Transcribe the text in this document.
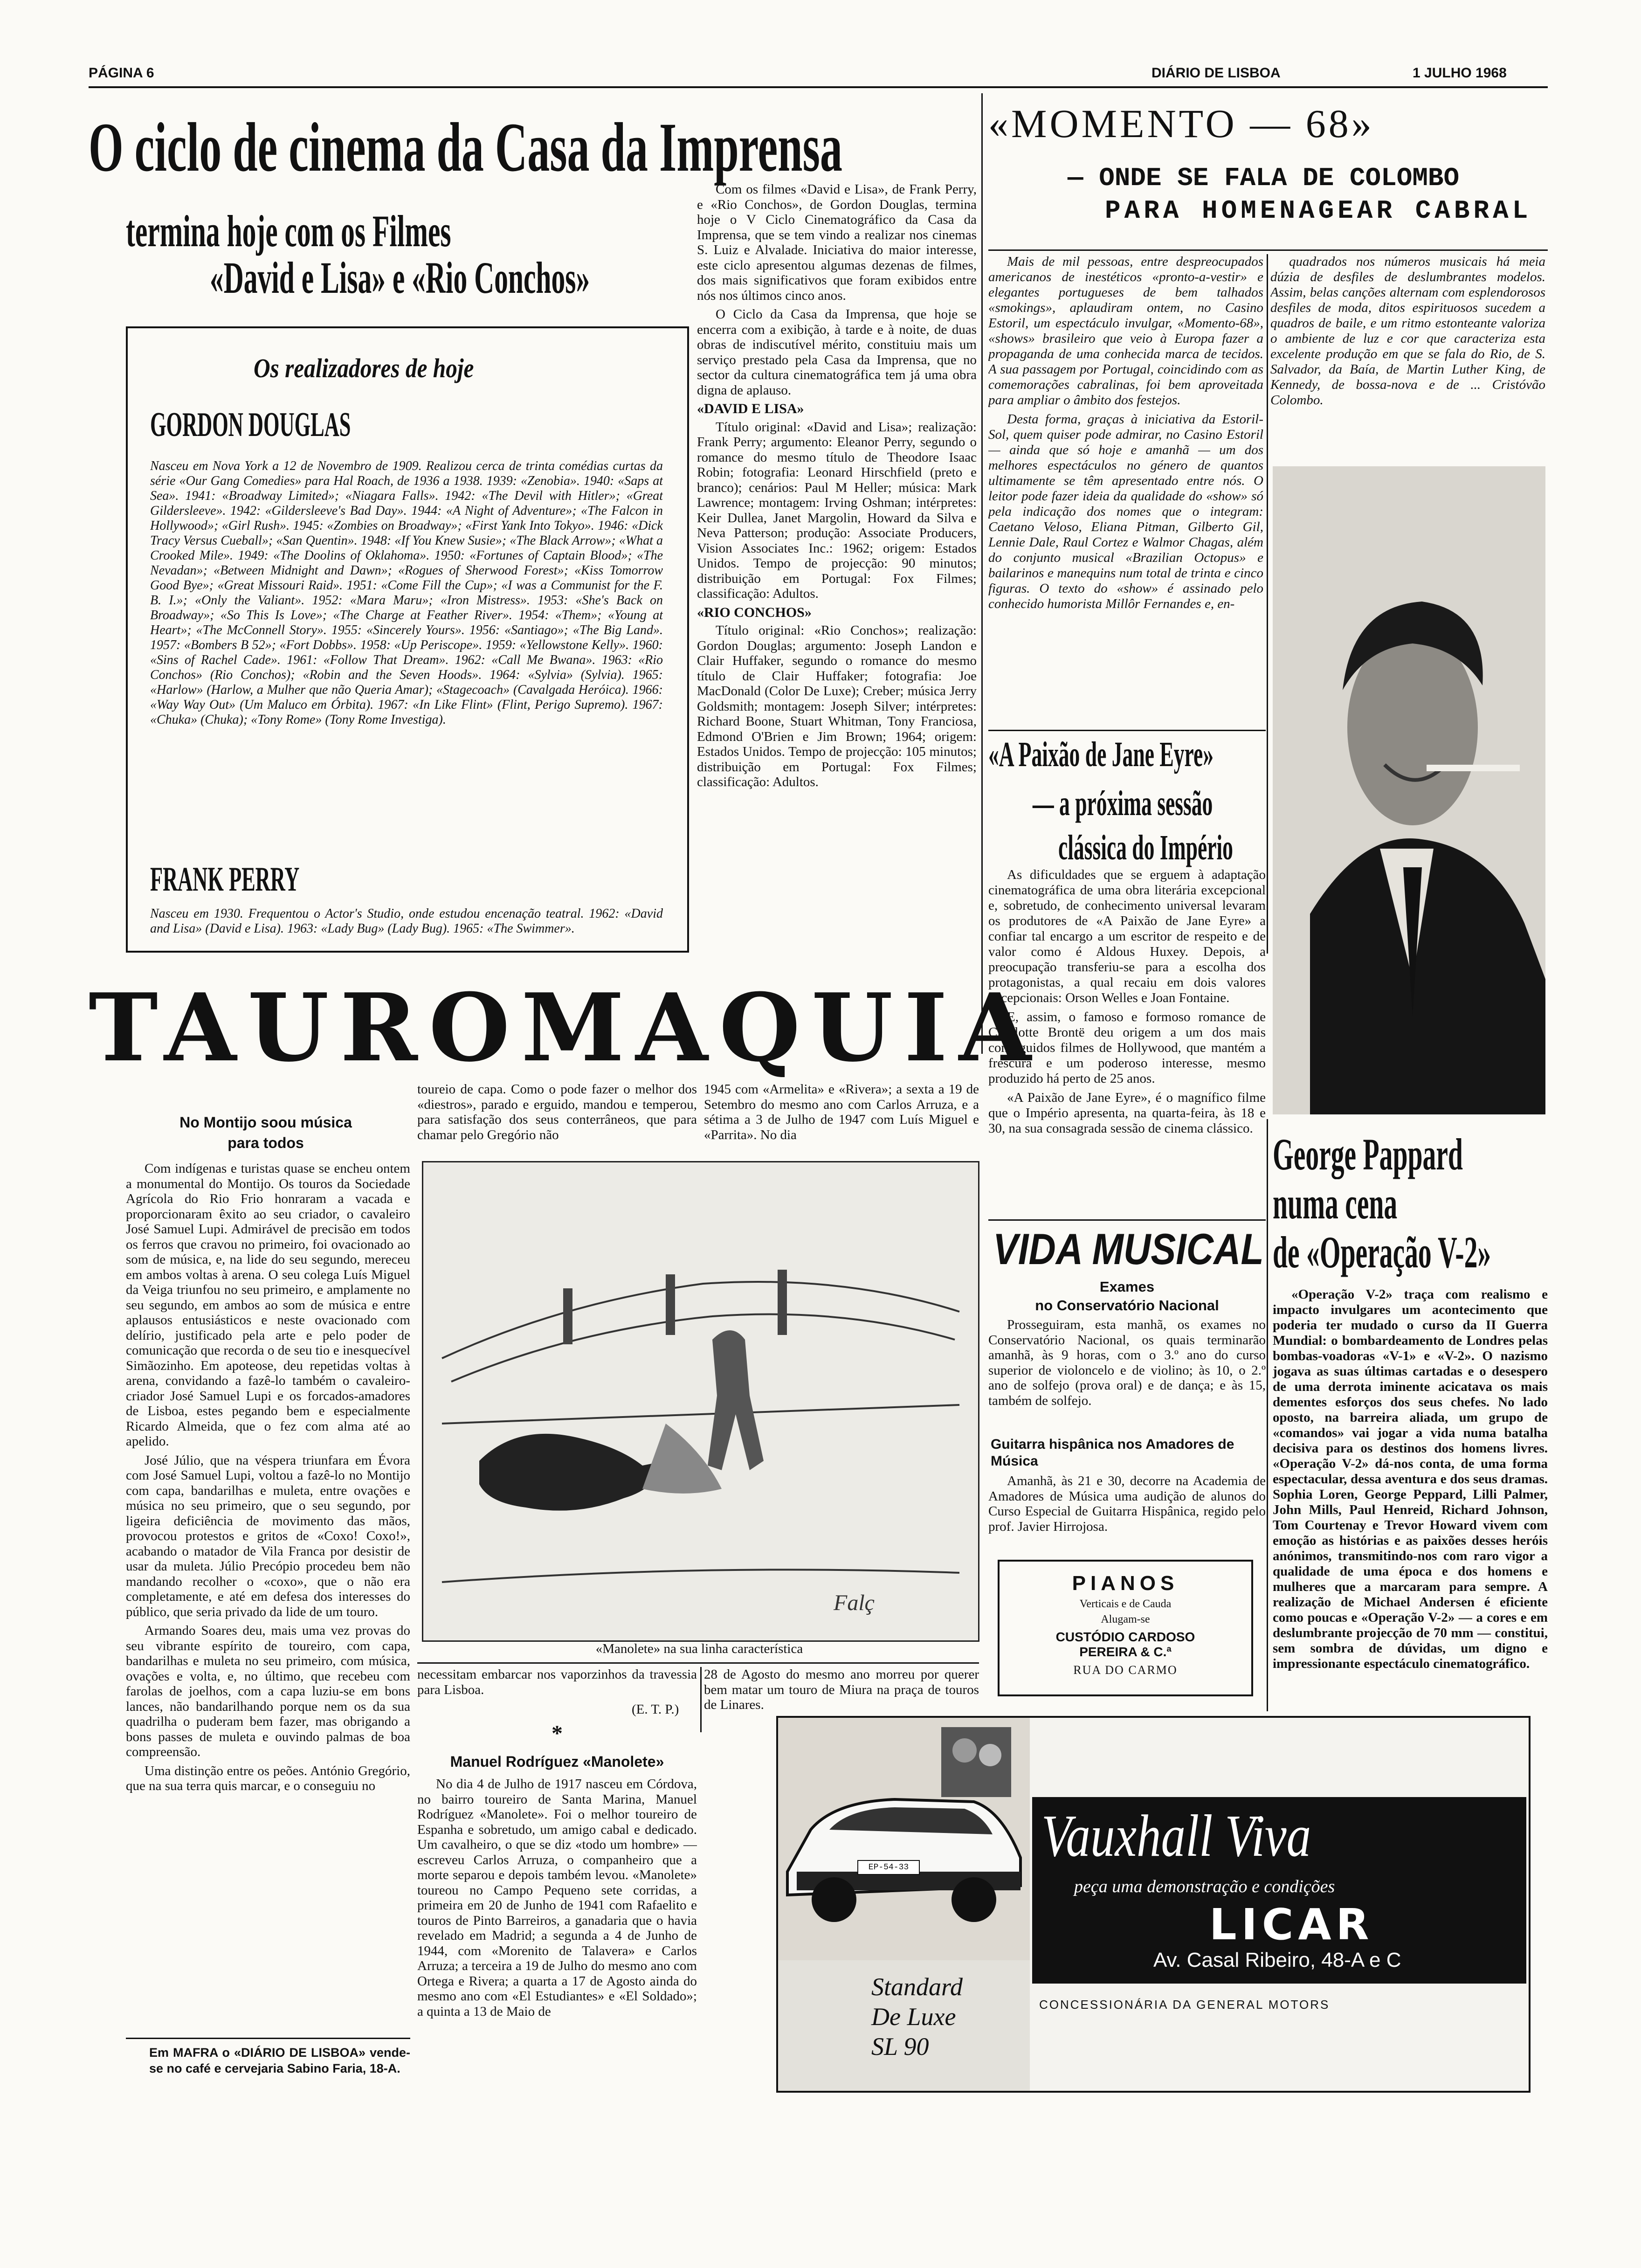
PÁGINA 6	DIÁRIO DE LISBOA	1 JULHO 1968
O ciclo de cinema da Casa da Imprensa
termina hoje com os Filmes
«David e Lisa» e «Rio Conchos»
Os realizadores de hoje
GORDON DOUGLAS
Nasceu em Nova York a 12 de Novembro de 1909. Realizou cerca de trinta comédias curtas da série «Our Gang Comedies» para Hal Roach, de 1936 a 1938. 1939: «Zenobia». 1940: «Saps at Sea». 1941: «Broadway Limited»; «Niagara Falls». 1942: «The Devil with Hitler»; «Great Gildersleeve». 1942: «Gildersleeve's Bad Day». 1944: «A Night of Adventure»; «The Falcon in Hollywood»; «Girl Rush». 1945: «Zombies on Broadway»; «First Yank Into Tokyo». 1946: «Dick Tracy Versus Cueball»; «San Quentin». 1948: «If You Knew Susie»; «The Black Arrow»; «What a Crooked Mile». 1949: «The Doolins of Oklahoma». 1950: «Fortunes of Captain Blood»; «The Nevadan»; «Between Midnight and Dawn»; «Rogues of Sherwood Forest»; «Kiss Tomorrow Good Bye»; «Great Missouri Raid». 1951: «Come Fill the Cup»; «I was a Communist for the F. B. I.»; «Only the Valiant». 1952: «Mara Maru»; «Iron Mistress». 1953: «She's Back on Broadway»; «So This Is Love»; «The Charge at Feather River». 1954: «Them»; «Young at Heart»; «The McConnell Story». 1955: «Sincerely Yours». 1956: «Santiago»; «The Big Land». 1957: «Bombers B 52»; «Fort Dobbs». 1958: «Up Periscope». 1959: «Yellowstone Kelly». 1960: «Sins of Rachel Cade». 1961: «Follow That Dream». 1962: «Call Me Bwana». 1963: «Rio Conchos» (Rio Conchos); «Robin and the Seven Hoods». 1964: «Sylvia» (Sylvia). 1965: «Harlow» (Harlow, a Mulher que não Queria Amar); «Stagecoach» (Cavalgada Heróica). 1966: «Way Way Out» (Um Maluco em Órbita). 1967: «In Like Flint» (Flint, Perigo Supremo). 1967: «Chuka» (Chuka); «Tony Rome» (Tony Rome Investiga).
FRANK PERRY
Nasceu em 1930. Frequentou o Actor's Studio, onde estudou encenação teatral. 1962: «David and Lisa» (David e Lisa). 1963: «Lady Bug» (Lady Bug). 1965: «The Swimmer».

Com os filmes «David e Lisa», de Frank Perry, e «Rio Conchos», de Gordon Douglas, termina hoje o V Ciclo Cinematográfico da Casa da Imprensa, que se tem vindo a realizar nos cinemas S. Luiz e Alvalade. Iniciativa do maior interesse, este ciclo apresentou algumas dezenas de filmes, dos mais significativos que foram exibidos entre nós nos últimos cinco anos.

O Ciclo da Casa da Imprensa, que hoje se encerra com a exibição, à tarde e à noite, de duas obras de indiscutível mérito, constituiu mais um serviço prestado pela Casa da Imprensa, que no sector da cultura cinematográfica tem já uma obra digna de aplauso.

«DAVID E LISA»

Título original: «David and Lisa»; realização: Frank Perry; argumento: Eleanor Perry, segundo o romance do mesmo título de Theodore Isaac Robin; fotografia: Leonard Hirschfield (preto e branco); cenários: Paul M Heller; música: Mark Lawrence; montagem: Irving Oshman; intérpretes: Keir Dullea, Janet Margolin, Howard da Silva e Neva Patterson; produção: Associate Producers, Vision Associates Inc.: 1962; origem: Estados Unidos. Tempo de projecção: 90 minutos; distribuição em Portugal: Fox Filmes; classificação: Adultos.

«RIO CONCHOS»

Título original: «Rio Conchos»; realização: Gordon Douglas; argumento: Joseph Landon e Clair Huffaker, segundo o romance do mesmo título de Clair Huffaker; fotografia: Joe MacDonald (Color De Luxe); Creber; música Jerry Goldsmith; montagem: Joseph Silver; intérpretes: Richard Boone, Stuart Whitman, Tony Franciosa, Edmond O'Brien e Jim Brown; 1964; origem: Estados Unidos. Tempo de projecção: 105 minutos; distribuição em Portugal: Fox Filmes; classificação: Adultos.

«MOMENTO — 68»
— ONDE SE FALA DE COLOMBO
PARA HOMENAGEAR CABRAL

Mais de mil pessoas, entre despreocupados americanos de inestéticos «pronto-a-vestir» e elegantes portugueses de bem talhados «smokings», aplaudiram ontem, no Casino Estoril, um espectáculo invulgar, «Momento-68», «shows» brasileiro que veio à Europa fazer a propaganda de uma conhecida marca de tecidos. A sua passagem por Portugal, coincidindo com as comemorações cabralinas, foi bem aproveitada para ampliar o âmbito dos festejos.

Desta forma, graças à iniciativa da Estoril-Sol, quem quiser pode admirar, no Casino Estoril — ainda que só hoje e amanhã — um dos melhores espectáculos no género de quantos ultimamente se têm apresentado entre nós. O leitor pode fazer ideia da qualidade do «show» só pela indicação dos nomes que o integram: Caetano Veloso, Eliana Pitman, Gilberto Gil, Lennie Dale, Raul Cortez e Walmor Chagas, além do conjunto musical «Brazilian Octopus» e bailarinos e manequins num total de trinta e cinco figuras. O texto do «show» é assinado pelo conhecido humorista Millôr Fernandes e, en-

quadrados nos números musicais há meia dúzia de desfiles de deslumbrantes modelos. Assim, belas canções alternam com esplendorosos desfiles de moda, ditos espirituosos sucedem a quadros de baile, e um ritmo estonteante valoriza o ambiente de luz e cor que caracteriza esta excelente produção em que se fala do Rio, de S. Salvador, da Baía, de Martin Luther King, de Kennedy, de bossa-nova e de ... Cristóvão Colombo.

«A Paixão de Jane Eyre»
— a próxima sessão
clássica do Império

As dificuldades que se erguem à adaptação cinematográfica de uma obra literária excepcional e, sobretudo, de conhecimento universal levaram os produtores de «A Paixão de Jane Eyre» a confiar tal encargo a um escritor de respeito e de valor como é Aldous Huxey. Depois, a preocupação transferiu-se para a escolha dos protagonistas, a qual recaiu em dois valores excepcionais: Orson Welles e Joan Fontaine.

E, assim, o famoso e formoso romance de Charlotte Brontë deu origem a um dos mais conseguidos filmes de Hollywood, que mantém a frescura e um poderoso interesse, mesmo produzido há perto de 25 anos.

«A Paixão de Jane Eyre», é o magnífico filme que o Império apresenta, na quarta-feira, às 18 e 30, na sua consagrada sessão de cinema clássico.

George Pappard
numa cena
de «Operação V-2»

«Operação V-2» traça com realismo e impacto invulgares um acontecimento que poderia ter mudado o curso da II Guerra Mundial: o bombardeamento de Londres pelas bombas-voadoras «V-1» e «V-2». O nazismo jogava as suas últimas cartadas e o desespero de uma derrota iminente acicatava os mais dementes esforços dos seus chefes. No lado oposto, na barreira aliada, um grupo de «comandos» vai jogar a vida numa batalha decisiva para os destinos dos homens livres. «Operação V-2» dá-nos conta, de uma forma espectacular, dessa aventura e dos seus dramas. Sophia Loren, George Peppard, Lilli Palmer, John Mills, Paul Henreid, Richard Johnson, Tom Courtenay e Trevor Howard vivem com emoção as histórias e as paixões desses heróis anónimos, transmitindo-nos com raro vigor a qualidade de uma época e dos homens e mulheres que a marcaram para sempre. A realização de Michael Andersen é eficiente como poucas e «Operação V-2» — a cores e em deslumbrante projecção de 70 mm — constitui, sem sombra de dúvidas, um digno e impressionante espectáculo cinematográfico.

TAUROMAQUIA
No Montijo soou música
para todos

Com indígenas e turistas quase se encheu ontem a monumental do Montijo. Os touros da Sociedade Agrícola do Rio Frio honraram a vacada e proporcionaram êxito ao seu criador, o cavaleiro José Samuel Lupi. Admirável de precisão em todos os ferros que cravou no primeiro, foi ovacionado ao som de música, e, na lide do seu segundo, mereceu em ambos voltas à arena. O seu colega Luís Miguel da Veiga triunfou no seu primeiro, e amplamente no seu segundo, em ambos ao som de música e entre aplausos entusiásticos e neste ovacionado com delírio, justificado pela arte e pelo poder de comunicação que recorda o de seu tio e inesquecível Simãozinho. Em apoteose, deu repetidas voltas à arena, convidando a fazê-lo também o cavaleiro-criador José Samuel Lupi e os forcados-amadores de Lisboa, estes pegando bem e especialmente Ricardo Almeida, que o fez com alma até ao apelido.

José Júlio, que na véspera triunfara em Évora com José Samuel Lupi, voltou a fazê-lo no Montijo com capa, bandarilhas e muleta, entre ovações e música no seu primeiro, que o seu segundo, por ligeira deficiência de movimento das mãos, provocou protestos e gritos de «Coxo! Coxo!», acabando o matador de Vila Franca por desistir de usar da muleta. Júlio Precópio procedeu bem não mandando recolher o «coxo», que o não era completamente, e até em defesa dos interesses do público, que seria privado da lide de um touro.

Armando Soares deu, mais uma vez provas do seu vibrante espírito de toureiro, com capa, bandarilhas e muleta no seu primeiro, com música, ovações e volta, e, no último, que recebeu com farolas de joelhos, com a capa luziu-se em bons lances, não bandarilhando porque nem os da sua quadrilha o puderam bem fazer, mas obrigando a bons passes de muleta e ouvindo palmas de boa compreensão.

Uma distinção entre os peões. António Gregório, que na sua terra quis marcar, e o conseguiu no

Em MAFRA o «DIÁRIO DE LISBOA» vende-se no café e cervejaria Sabino Faria, 18-A.
toureio de capa. Como o pode fazer o melhor dos «diestros», parado e erguido, mandou e temperou, para satisfação dos seus conterrâneos, que para chamar pelo Gregório não
1945 com «Armelita» e «Rivera»; a sexta a 19 de Setembro do mesmo ano com Carlos Arruza, e a sétima a 3 de Julho de 1947 com Luís Miguel e «Parrita». No dia
Falç
«Manolete» na sua linha característica
necessitam embarcar nos vaporzinhos da travessia para Lisboa.
(E. T. P.)
*
Manuel Rodríguez «Manolete»

No dia 4 de Julho de 1917 nasceu em Córdova, no bairro toureiro de Santa Marina, Manuel Rodríguez «Manolete». Foi o melhor toureiro de Espanha e sobretudo, um amigo cabal e dedicado. Um cavalheiro, o que se diz «todo um hombre» — escreveu Carlos Arruza, o companheiro que a morte separou e depois também levou. «Manolete» toureou no Campo Pequeno sete corridas, a primeira em 20 de Junho de 1941 com Rafaelito e touros de Pinto Barreiros, a ganadaria que o havia revelado em Madrid; a segunda a 4 de Junho de 1944, com «Morenito de Talavera» e Carlos Arruza; a terceira a 19 de Julho do mesmo ano com Ortega e Rivera; a quarta a 17 de Agosto ainda do mesmo ano com «El Estudiantes» e «El Soldado»; a quinta a 13 de Maio de

28 de Agosto do mesmo ano morreu por querer bem matar um touro de Miura na praça de touros de Linares.
VIDA MUSICAL
Exames
no Conservatório Nacional

Prosseguiram, esta manhã, os exames no Conservatório Nacional, os quais terminarão amanhã, às 9 horas, com o 3.º ano do curso superior de violoncelo e de violino; às 10, o 2.º ano de solfejo (prova oral) e de dança; e às 15, também de solfejo.

Guitarra hispânica nos Amadores de Música

Amanhã, às 21 e 30, decorre na Academia de Amadores de Música uma audição de alunos do Curso Especial de Guitarra Hispânica, regido pelo prof. Javier Hirrojosa.

PIANOS
Verticais e de Cauda
Alugam-se
CUSTÓDIO CARDOSO
PEREIRA & C.ª
RUA DO CARMO
EP-54-33
Standard
De Luxe
SL 90
Vauxhall Viva
peça uma demonstração e condições
LICAR
Av. Casal Ribeiro, 48-A e C
CONCESSIONÁRIA DA GENERAL MOTORS
